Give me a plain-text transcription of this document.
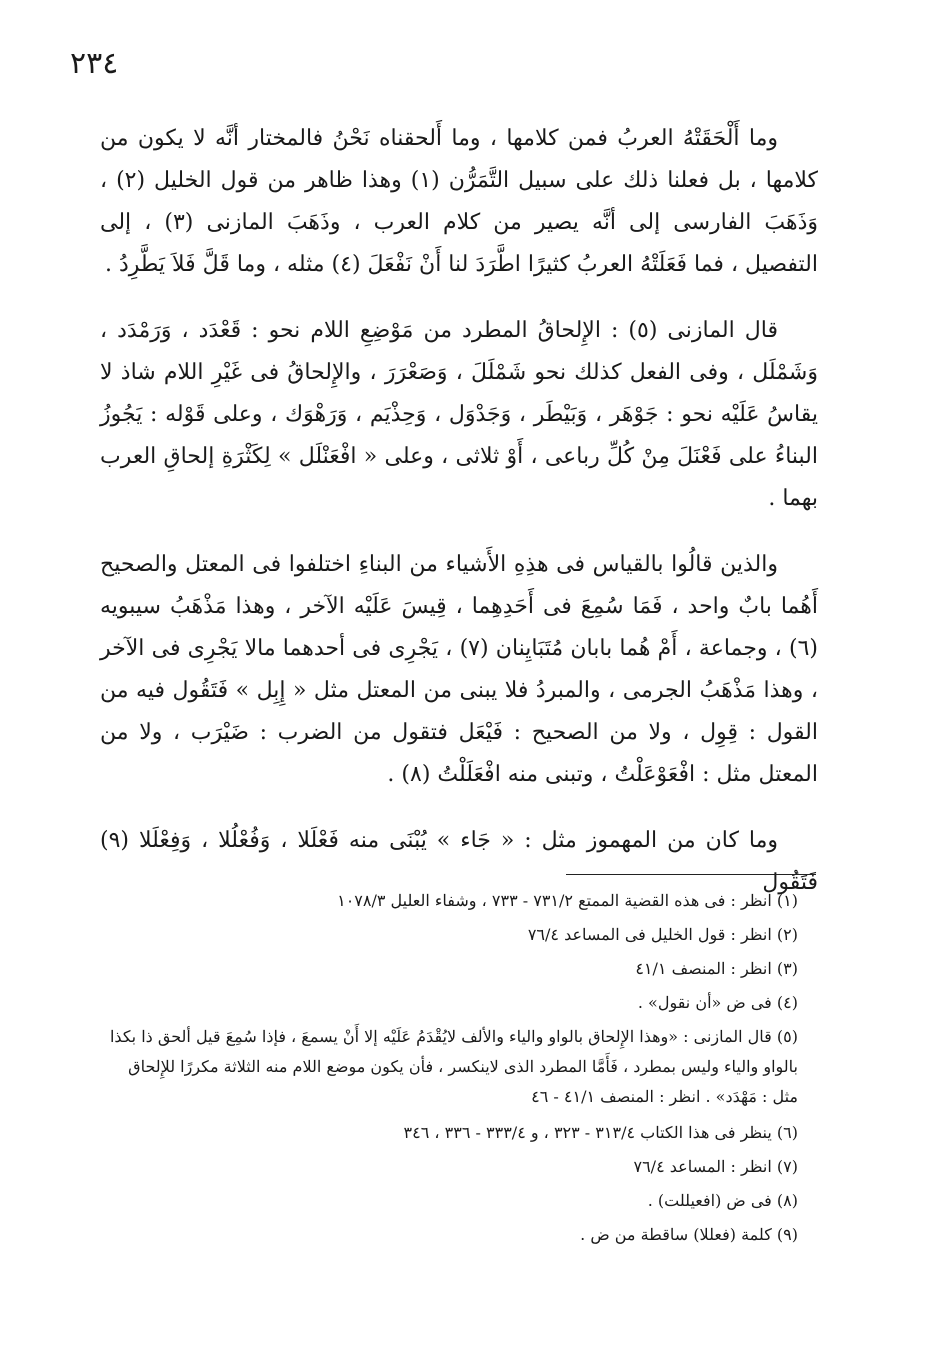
٢٣٤

وما أَلْحَقَتْهُ العربُ فمن كلامها ، وما أَلحقناه نَحْنُ فالمختار أنَّه لا يكون من كلامها ، بل فعلنا ذلك على سبيل التَّمَرُّن (١) وهذا ظاهر من قول الخليل (٢) ، وَذَهَبَ الفارسى إلى أنَّه يصير من كلام العرب ، وذَهَبَ المازنى (٣) ، إلى التفصيل ، فما فَعَلَتْهُ العربُ كثيرًا اطَّرَدَ لنا أَنْ نَفْعَلَ (٤) مثله ، وما قَلَّ فَلاَ يَطَّرِدُ .

قال المازنى (٥) : الإِلحاقُ المطرد من مَوْضِعِ اللام نحو : قَعْدَد ، وَرَمْدَد ، وَشَمْلَل ، وفى الفعل كذلك نحو شَمْلَلَ ، وَصَعْرَرَ ، والإِلحاقُ فى غَيْرِ اللام شاذ لا يقاسُ عَلَيْه نحو : جَوْهَر ، وَبَيْطَر ، وَجَدْوَل ، وَحِذْيَم ، وَرَهْوَك ، وعلى قَوْله : يَجُوزُ البناءُ على فَعْنَلَ مِنْ كُلِّ رباعى ، أَوْ ثلاثى ، وعلى « افْعَنْلَل » لِكَثْرَةِ إلحاقِ العرب بهما .

والذين قالُوا بالقياس فى هذِهِ الأَشياء من البناءِ اختلفوا فى المعتل والصحيح أَهُما بابٌ واحد ، فَمَا سُمِعَ فى أَحَدِهِما ، قِيسَ عَلَيْه الآخر ، وهذا مَذْهَبُ سيبويه (٦) ، وجماعة ، أَمْ هُما بابان مُتَبَايِنان (٧) ، يَجْرِى فى أحدهما مالا يَجْرِى فى الآخر ، وهذا مَذْهَبُ الجرمى ، والمبردُ فلا يبنى من المعتل مثل « إِبِل » فَتَقُول فيه من القول : قِوِل ، ولا من الصحيح : فَيْعَل فتقول من الضرب : ضَيْرَب ، ولا من المعتل مثل : افْعَوْعَلْتُ ، وتبنى منه افْعَلَلْتُ (٨) .

وما كان من المهموز مثل : « جَاء » يُبْنَى منه فَعْلَلا ، وَفُعْلُلا ، وَفِعْلَلا (٩) فَتَقُول

(١) انظر : فى هذه القضية الممتع ٧٣١/٢ - ٧٣٣ ، وشفاء العليل ١٠٧٨/٣

(٢) انظر : قول الخليل فى المساعد ٧٦/٤

(٣) انظر : المنصف ٤١/١

(٤) فى ض «أن نقول» .

(٥) قال المازنى : «وهذا الإِلحاق بالواو والياء والألف لايُقْدَمُ عَلَيْه إلا أَنْ يسمعَ ، فإذا سُمِعَ قيل ألحق ذا بكذا بالواو والياء وليس بمطرد ، فَأَمَّا المطرد الذى لاينكسر ، فأن يكون موضع اللام منه الثلاثة مكررًا للإِلحاق مثل : مَهْدَد» . انظر : المنصف ٤١/١ - ٤٦

(٦) ينظر فى هذا الكتاب ٣١٣/٤ - ٣٢٣ ، و ٣٣٣/٤ - ٣٣٦ ، ٣٤٦

(٧) انظر : المساعد ٧٦/٤

(٨) فى ض (افعيللت) .

(٩) كلمة (فعللا) ساقطة من ض .
